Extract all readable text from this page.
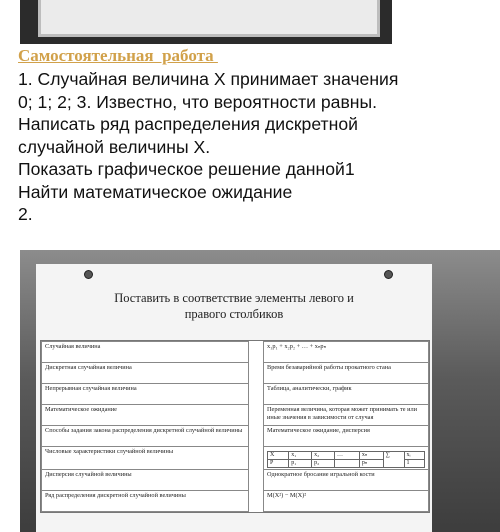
Самостоятельная  работа

1. Случайная величина X принимает значения
0; 1; 2; 3. Известно, что вероятности равны.
Написать ряд распределения дискретной
случайной величины X.
Показать графическое решение данной1
Найти математическое ожидание
2.
Поставить в соответствие элементы левого и
правого столбиков
Случайная величина		x₁p₁ + x₂p₂ + … + xₙpₙ
Дискретная случайная величина		Время безаварийной работы прокатного стана
Непрерывная случайная величина		Таблица, аналитически, график
Математическое ожидание		Переменная величина, которая может принимать те или иные значения в зависимости от случая
Способы задания закона распределения дискретной случайной величины		Математическое ожидание, дисперсия
Числовые характеристики случайной величины			X	x₁	x₂	…	xₙ	∑	xᵢ
P	p₁	p₂		pₙ	1

Дисперсия случайной величины		Однократное бросание игральной кости
Ряд распределения дискретной случайной величины		M(X²) − M(X)²
